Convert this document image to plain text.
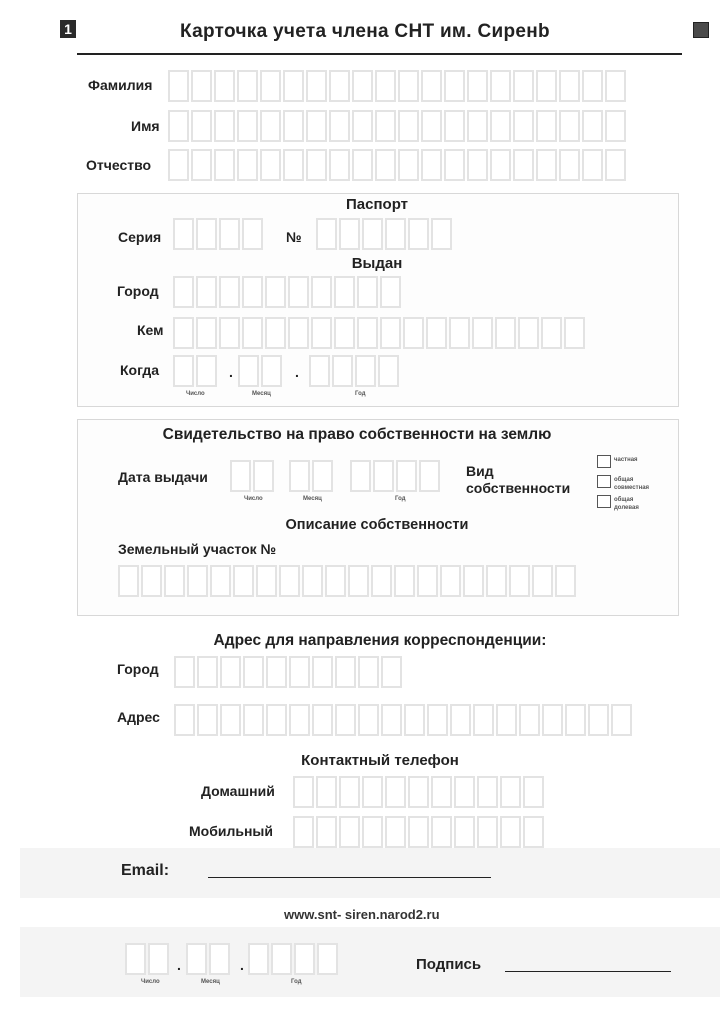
1	Карточка учета члена СНТ им. Сиренb
Фамилия
Имя
Отчество
Паспорт
Серия	№
Выдан
Город
Кем
Когда	.	.
Число	Месяц	Год
Свидетельство на право собственности на землю
Дата выдачи
Число	Месяц	Год
Вид
собственности
частная
общая совместная
общая долевая
Описание собственности
Земельный участок №
Адрес для направления корреспонденции:
Город
Адрес
Контактный телефон
Домашний
Мобильный
Email:
www.snt- siren.narod2.ru
.	.
Число	Месяц	Год
Подпись
